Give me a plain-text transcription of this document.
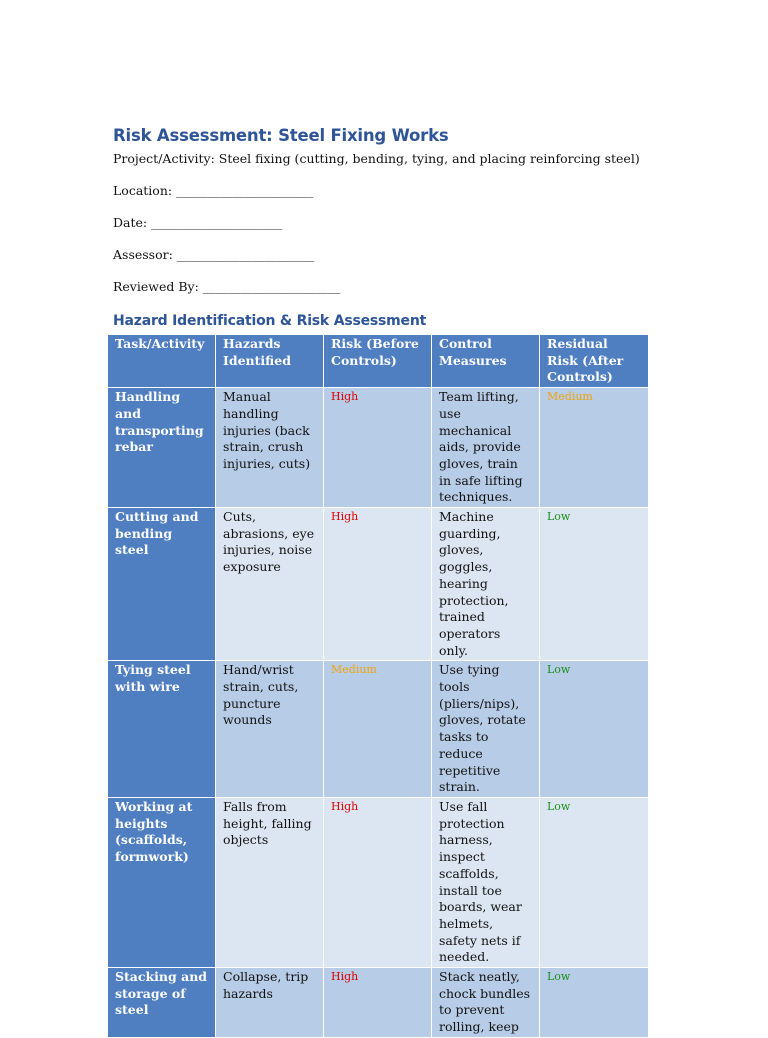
Risk Assessment: Steel Fixing Works

Project/Activity: Steel fixing (cutting, bending, tying, and placing reinforcing steel)

Location: ______________________

Date: _____________________

Assessor: ______________________

Reviewed By: ______________________

Hazard Identification & Risk Assessment
Task/Activity	Hazards Identified	Risk (Before Controls)	Control Measures	Residual Risk (After Controls)
Handling and transporting rebar	Manual handling injuries (back strain, crush injuries, cuts)	High	Team lifting, use mechanical aids, provide gloves, train in safe lifting techniques.	Medium
Cutting and bending steel	Cuts, abrasions, eye injuries, noise exposure	High	Machine guarding, gloves, goggles, hearing protection, trained operators only.	Low
Tying steel with wire	Hand/wrist strain, cuts, puncture wounds	Medium	Use tying tools (pliers/nips), gloves, rotate tasks to reduce repetitive strain.	Low
Working at heights (scaffolds, formwork)	Falls from height, falling objects	High	Use fall protection harness, inspect scaffolds, install toe boards, wear helmets, safety nets if needed.	Low
Stacking and storage of steel	Collapse, trip hazards	High	Stack neatly, chock bundles to prevent rolling, keep	Low
